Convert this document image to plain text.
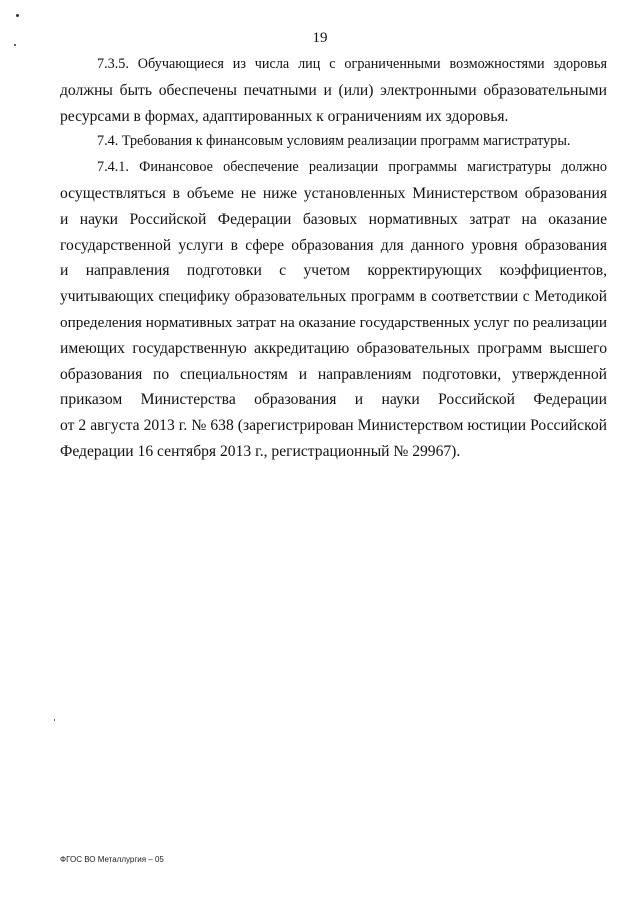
19

7.3.5. Обучающиеся из числа лиц с ограниченными возможностями здоровья
должны быть обеспечены печатными и (или) электронными образовательными
ресурсами в формах, адаптированных к ограничениям их здоровья.

7.4. Требования к финансовым условиям реализации программ магистратуры.

7.4.1. Финансовое обеспечение реализации программы магистратуры должно
осуществляться в объеме не ниже установленных Министерством образования
и науки Российской Федерации базовых нормативных затрат на оказание
государственной услуги в сфере образования для данного уровня образования
и направления подготовки с учетом корректирующих коэффициентов,
учитывающих специфику образовательных программ в соответствии с Методикой
определения нормативных затрат на оказание государственных услуг по реализации
имеющих государственную аккредитацию образовательных программ высшего
образования по специальностям и направлениям подготовки, утвержденной
приказом Министерства образования и науки Российской Федерации
от 2 августа 2013 г. № 638 (зарегистрирован Министерством юстиции Российской
Федерации 16 сентября 2013 г., регистрационный № 29967).

ФГОС ВО Металлургия – 05
